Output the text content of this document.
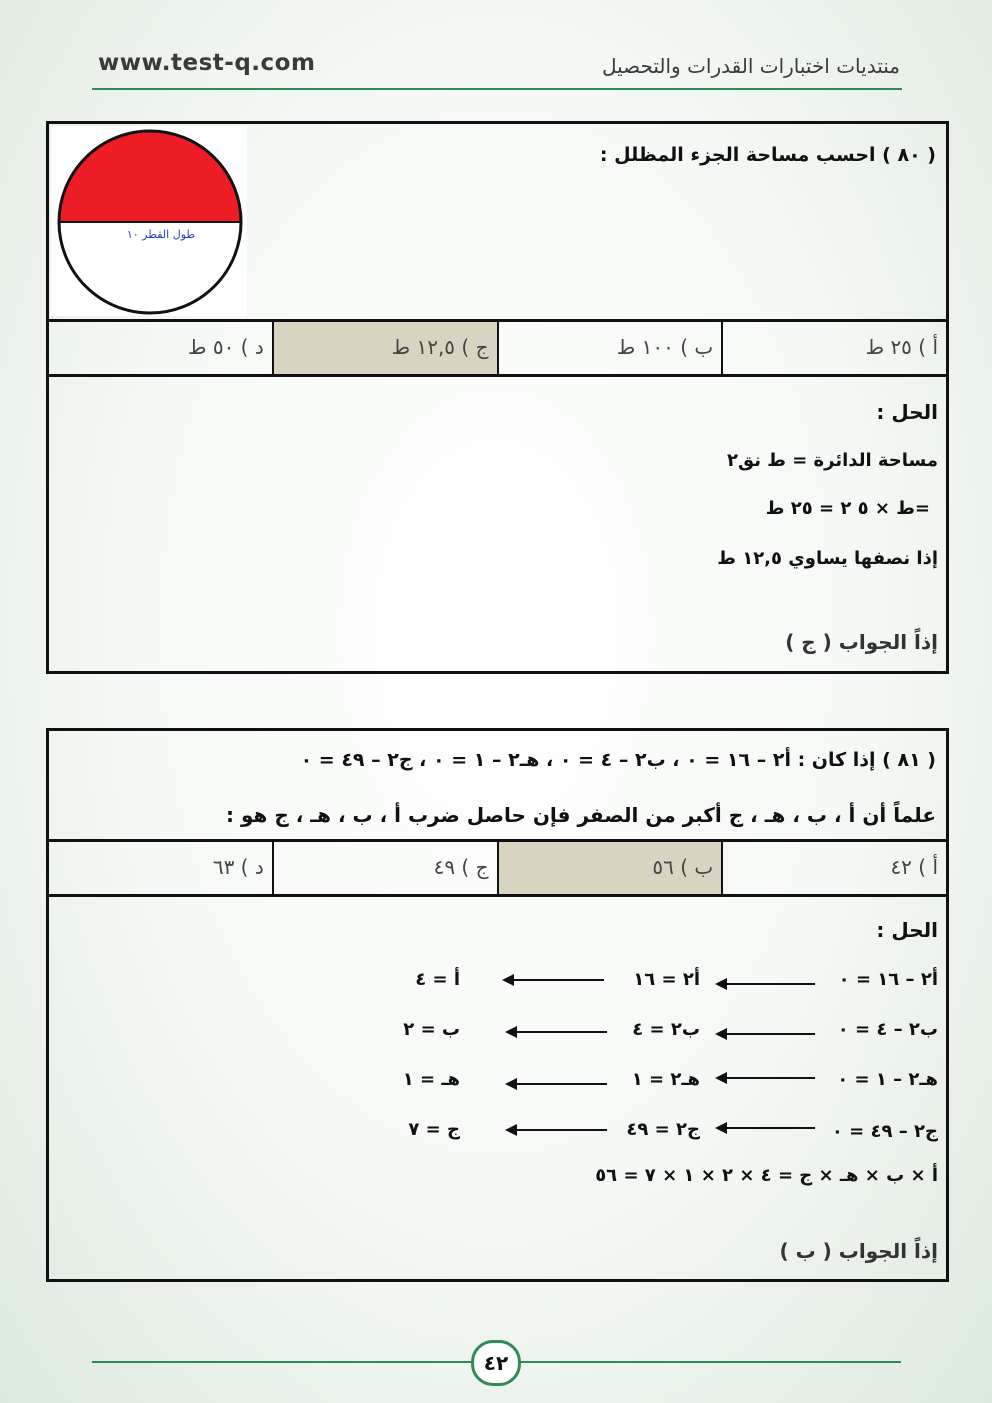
www.test-q.com	منتديات اختبارات القدرات والتحصيل
( ٨٠ ) احسب مساحة الجزء المظلل :
طول القطر ١٠
أ ) ٢٥ ط
ب ) ١٠٠ ط
ج ) ١٢,٥ ط
د ) ٥٠ ط
الحل :
مساحة الدائرة = ط نق٢
=ط × ٥ ٢ = ٢٥ ط
إذا نصفها يساوي ١٢,٥ ط
إذاً الجواب ( ج )
( ٨١ ) إذا كان : أ٢ – ١٦ = ٠ ، ب٢ – ٤ = ٠ ، هـ٢ – ١ = ٠ ، ج٢ – ٤٩ = ٠
علماً أن أ ، ب ، هـ ، ج أكبر من الصفر فإن حاصل ضرب أ ، ب ، هـ ، ج هو :
أ ) ٤٢
ب ) ٥٦
ج ) ٤٩
د ) ٦٣
الحل :
أ٢ – ١٦ = ٠
أ٢ = ١٦
أ = ٤
ب٢ – ٤ = ٠
ب٢ = ٤
ب = ٢
هـ٢ – ١ = ٠
هـ٢ = ١
هـ = ١
ج٢ – ٤٩ = ٠
ج٢ = ٤٩
ج = ٧
أ × ب × هـ × ج = ٤ × ٢ × ١ × ٧ = ٥٦
إذاً الجواب ( ب )
٤٢
